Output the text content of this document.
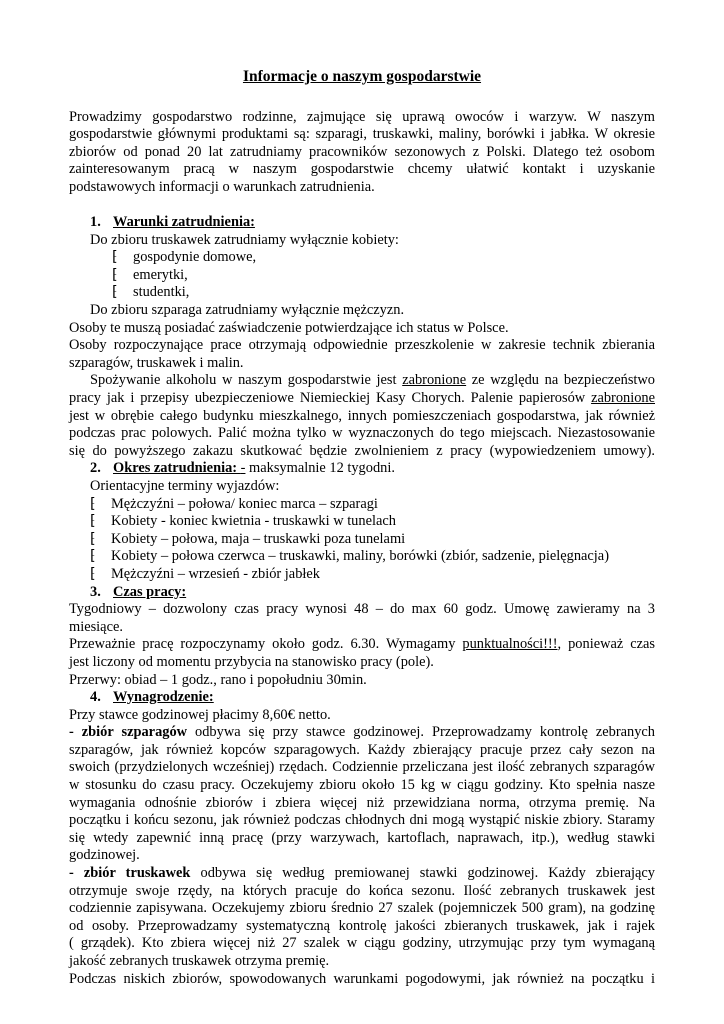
Informacje o naszym gospodarstwie

Prowadzimy gospodarstwo rodzinne, zajmujące się uprawą owoców i warzyw. W naszym

gospodarstwie głównymi produktami są: szparagi, truskawki, maliny, borówki i jabłka. W okresie

zbiorów od ponad 20 lat zatrudniamy pracowników sezonowych z Polski. Dlatego też osobom

zainteresowanym pracą w naszym gospodarstwie chcemy ułatwić kontakt i uzyskanie

podstawowych informacji o warunkach zatrudnienia.

1. Warunki zatrudnienia:

Do zbioru truskawek zatrudniamy wyłącznie kobiety:

⁅ gospodynie domowe,

⁅ emerytki,

⁅ studentki,

Do zbioru szparaga zatrudniamy wyłącznie mężczyzn.

Osoby te muszą posiadać zaświadczenie potwierdzające ich status w Polsce.

Osoby rozpoczynające prace otrzymają odpowiednie przeszkolenie w zakresie technik zbierania

szparagów, truskawek i malin.

Spożywanie alkoholu w naszym gospodarstwie jest zabronione ze względu na bezpieczeństwo

pracy jak i przepisy ubezpieczeniowe Niemieckiej Kasy Chorych. Palenie papierosów zabronione

jest w obrębie całego budynku mieszkalnego, innych pomieszczeniach gospodarstwa, jak również

podczas prac polowych. Palić można tylko w wyznaczonych do tego miejscach. Niezastosowanie

się do powyższego zakazu skutkować będzie zwolnieniem z pracy (wypowiedzeniem umowy).

2. Okres zatrudnienia: - maksymalnie 12 tygodni.

Orientacyjne terminy wyjazdów:

⁅ Mężczyźni – połowa/ koniec marca – szparagi

⁅ Kobiety - koniec kwietnia - truskawki w tunelach

⁅ Kobiety – połowa, maja – truskawki poza tunelami

⁅ Kobiety – połowa czerwca – truskawki, maliny, borówki (zbiór, sadzenie, pielęgnacja)

⁅ Mężczyźni – wrzesień - zbiór jabłek

3. Czas pracy:

Tygodniowy – dozwolony czas pracy wynosi 48 – do max 60 godz. Umowę zawieramy na 3

miesiące.

Przeważnie pracę rozpoczynamy około godz. 6.30. Wymagamy punktualności!!!, ponieważ czas

jest liczony od momentu przybycia na stanowisko pracy (pole).

Przerwy: obiad – 1 godz., rano i popołudniu 30min.

4. Wynagrodzenie:

Przy stawce godzinowej płacimy 8,60€ netto.

- zbiór szparagów odbywa się przy stawce godzinowej. Przeprowadzamy kontrolę zebranych

szparagów, jak również kopców szparagowych. Każdy zbierający pracuje przez cały sezon na

swoich (przydzielonych wcześniej) rzędach. Codziennie przeliczana jest ilość zebranych szparagów

w stosunku do czasu pracy. Oczekujemy zbioru około 15 kg w ciągu godziny. Kto spełnia nasze

wymagania odnośnie zbiorów i zbiera więcej niż przewidziana norma, otrzyma premię. Na

początku i końcu sezonu, jak również podczas chłodnych dni mogą wystąpić niskie zbiory. Staramy

się wtedy zapewnić inną pracę (przy warzywach, kartoflach, naprawach, itp.), według stawki

godzinowej.

- zbiór truskawek odbywa się według premiowanej stawki godzinowej. Każdy zbierający

otrzymuje swoje rzędy, na których pracuje do końca sezonu. Ilość zebranych truskawek jest

codziennie zapisywana. Oczekujemy zbioru średnio 27 szalek (pojemniczek 500 gram), na godzinę

od osoby. Przeprowadzamy systematyczną kontrolę jakości zbieranych truskawek, jak i rajek

( grządek). Kto zbiera więcej niż 27 szalek w ciągu godziny, utrzymując przy tym wymaganą

jakość zebranych truskawek otrzyma premię.

Podczas niskich zbiorów, spowodowanych warunkami pogodowymi, jak również na początku i
